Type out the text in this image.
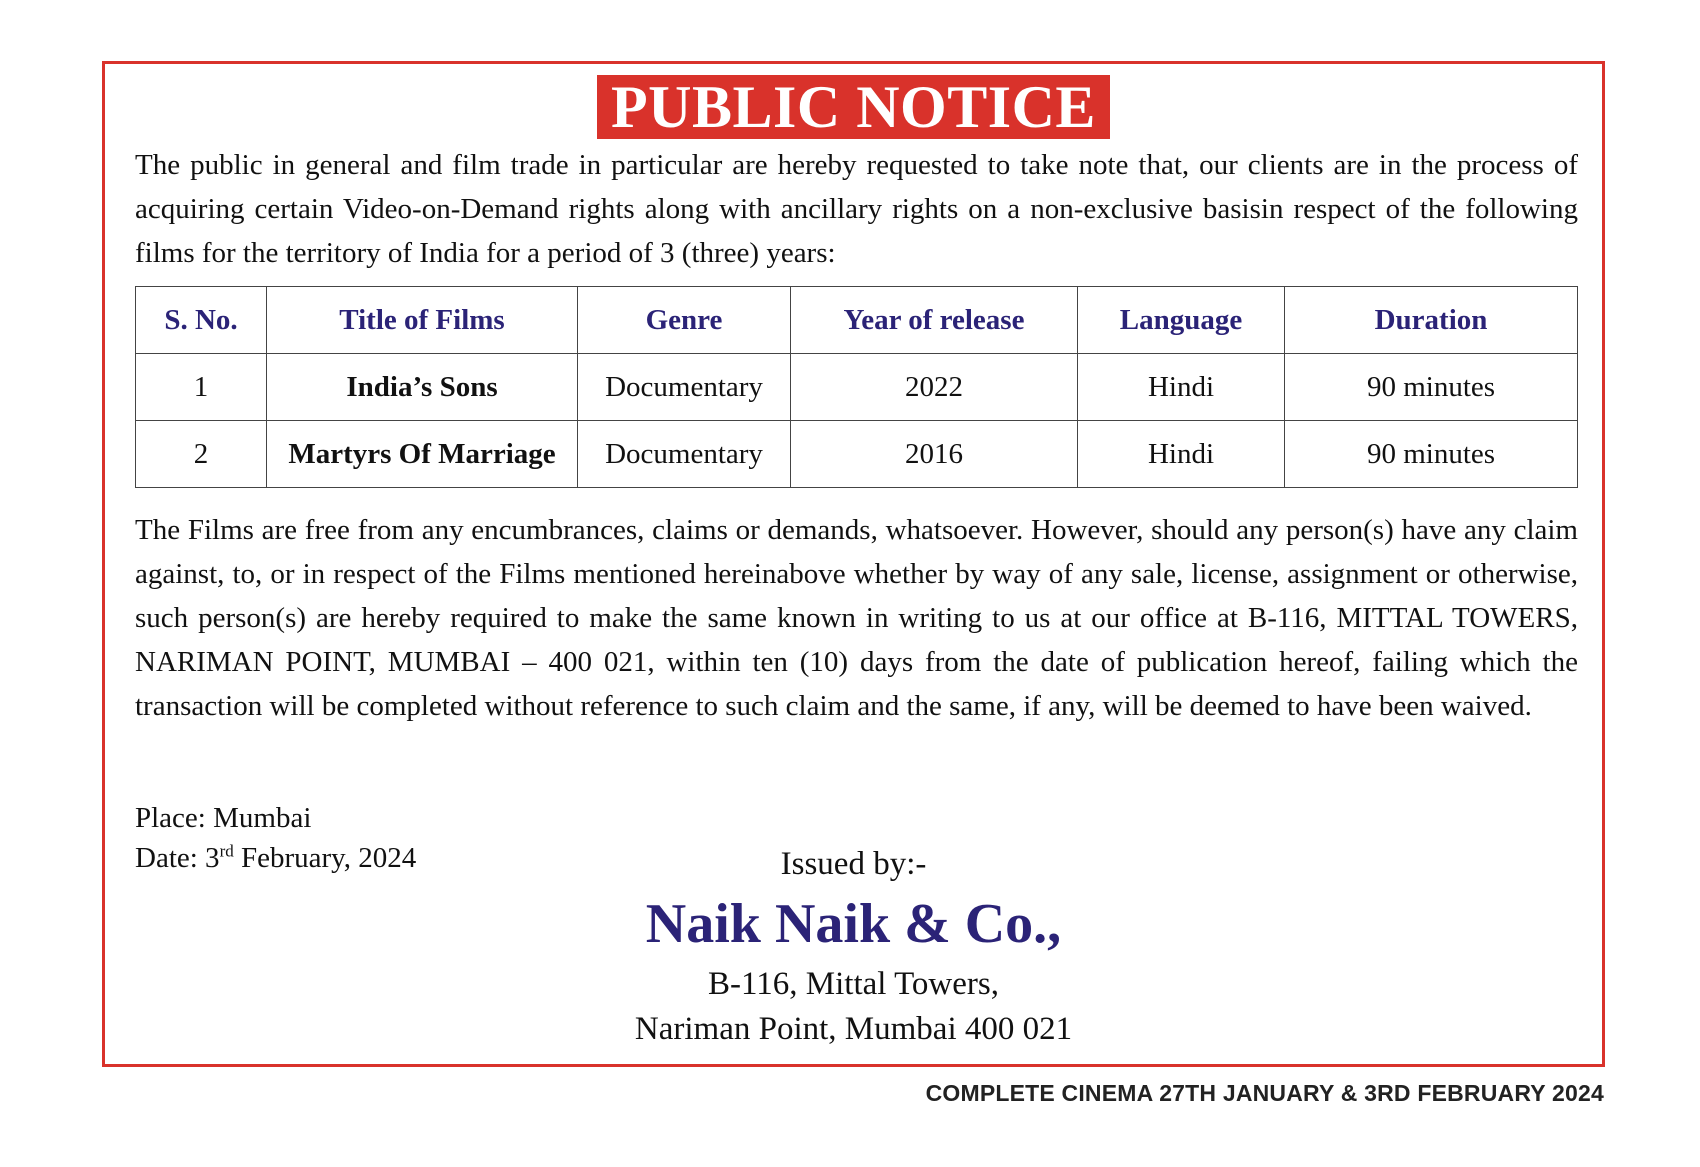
PUBLIC NOTICE

The public in general and film trade in particular are hereby requested to take note that, our clients are in the process of acquiring certain Video-on-Demand rights along with ancillary rights on a non-exclusive basisin respect of the following films for the territory of India for a period of 3 (three) years:

S. No.	Title of Films	Genre	Year of release	Language	Duration
1	India’s Sons	Documentary	2022	Hindi	90 minutes
2	Martyrs Of Marriage	Documentary	2016	Hindi	90 minutes

The Films are free from any encumbrances, claims or demands, whatsoever. However, should any person(s) have any claim against, to, or in respect of the Films mentioned hereinabove whether by way of any sale, license, assignment or otherwise, such person(s) are hereby required to make the same known in writing to us at our office at B-116, MITTAL TOWERS, NARIMAN POINT, MUMBAI – 400 021, within ten (10) days from the date of publication hereof, failing which the transaction will be completed without reference to such claim and the same, if any, will be deemed to have been waived.

Place: Mumbai
Date: 3rd February, 2024	Issued by:-
Naik Naik & Co.,
B-116, Mittal Towers,
Nariman Point, Mumbai 400 021
COMPLETE CINEMA 27TH JANUARY & 3RD FEBRUARY 2024
